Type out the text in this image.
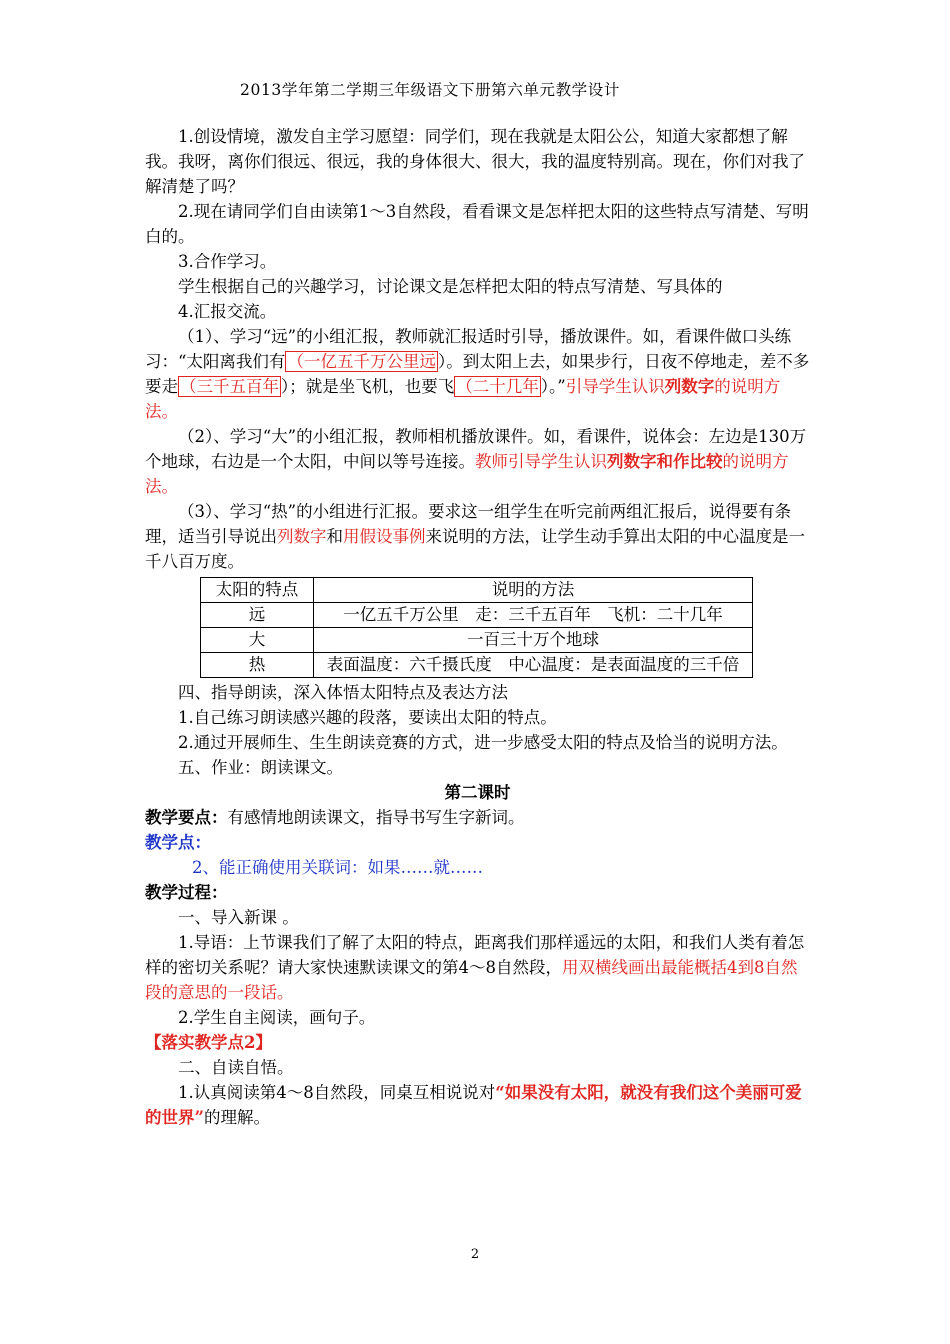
2013学年第二学期三年级语文下册第六单元教学设计

1.创设情境，激发自主学习愿望：同学们，现在我就是太阳公公，知道大家都想了解我。我呀，离你们很远、很远，我的身体很大、很大，我的温度特别高。现在，你们对我了解清楚了吗？

2.现在请同学们自由读第1～3自然段，看看课文是怎样把太阳的这些特点写清楚、写明白的。

3.合作学习。

学生根据自己的兴趣学习，讨论课文是怎样把太阳的特点写清楚、写具体的

4.汇报交流。

（1）、学习“远”的小组汇报，教师就汇报适时引导，播放课件。如，看课件做口头练习：“太阳离我们有 （一亿五千万公里远 ）。到太阳上去，如果步行，日夜不停地走，差不多要走 （三千五百年 ）；就是坐飞机，也要飞 （二十几年 ）。”引导学生认识列数字的说明方法。

（2）、学习“大”的小组汇报，教师相机播放课件。如，看课件，说体会：左边是130万个地球，右边是一个太阳，中间以等号连接。教师引导学生认识列数字和作比较的说明方法。

（3）、学习“热”的小组进行汇报。要求这一组学生在听完前两组汇报后，说得要有条理，适当引导说出列数字和用假设事例来说明的方法，让学生动手算出太阳的中心温度是一千八百万度。

太阳的特点	说明的方法
远	一亿五千万公里　走：三千五百年　飞机：二十几年
大	一百三十万个地球
热	表面温度：六千摄氏度　中心温度：是表面温度的三千倍

四、指导朗读，深入体悟太阳特点及表达方法

1.自己练习朗读感兴趣的段落，要读出太阳的特点。

2.通过开展师生、生生朗读竞赛的方式，进一步感受太阳的特点及恰当的说明方法。

五、作业：朗读课文。

第二课时

教学要点：有感情地朗读课文，指导书写生字新词。

教学点：

2、能正确使用关联词：如果……就……

教学过程：

一、导入新课 。

1.导语：上节课我们了解了太阳的特点，距离我们那样遥远的太阳，和我们人类有着怎样的密切关系呢？请大家快速默读课文的第4～8自然段，用双横线画出最能概括4到8自然段的意思的一段话。

2.学生自主阅读，画句子。

【落实教学点2】

二、自读自悟。

1.认真阅读第4～8自然段，同桌互相说说对“如果没有太阳，就没有我们这个美丽可爱的世界”的理解。

2
